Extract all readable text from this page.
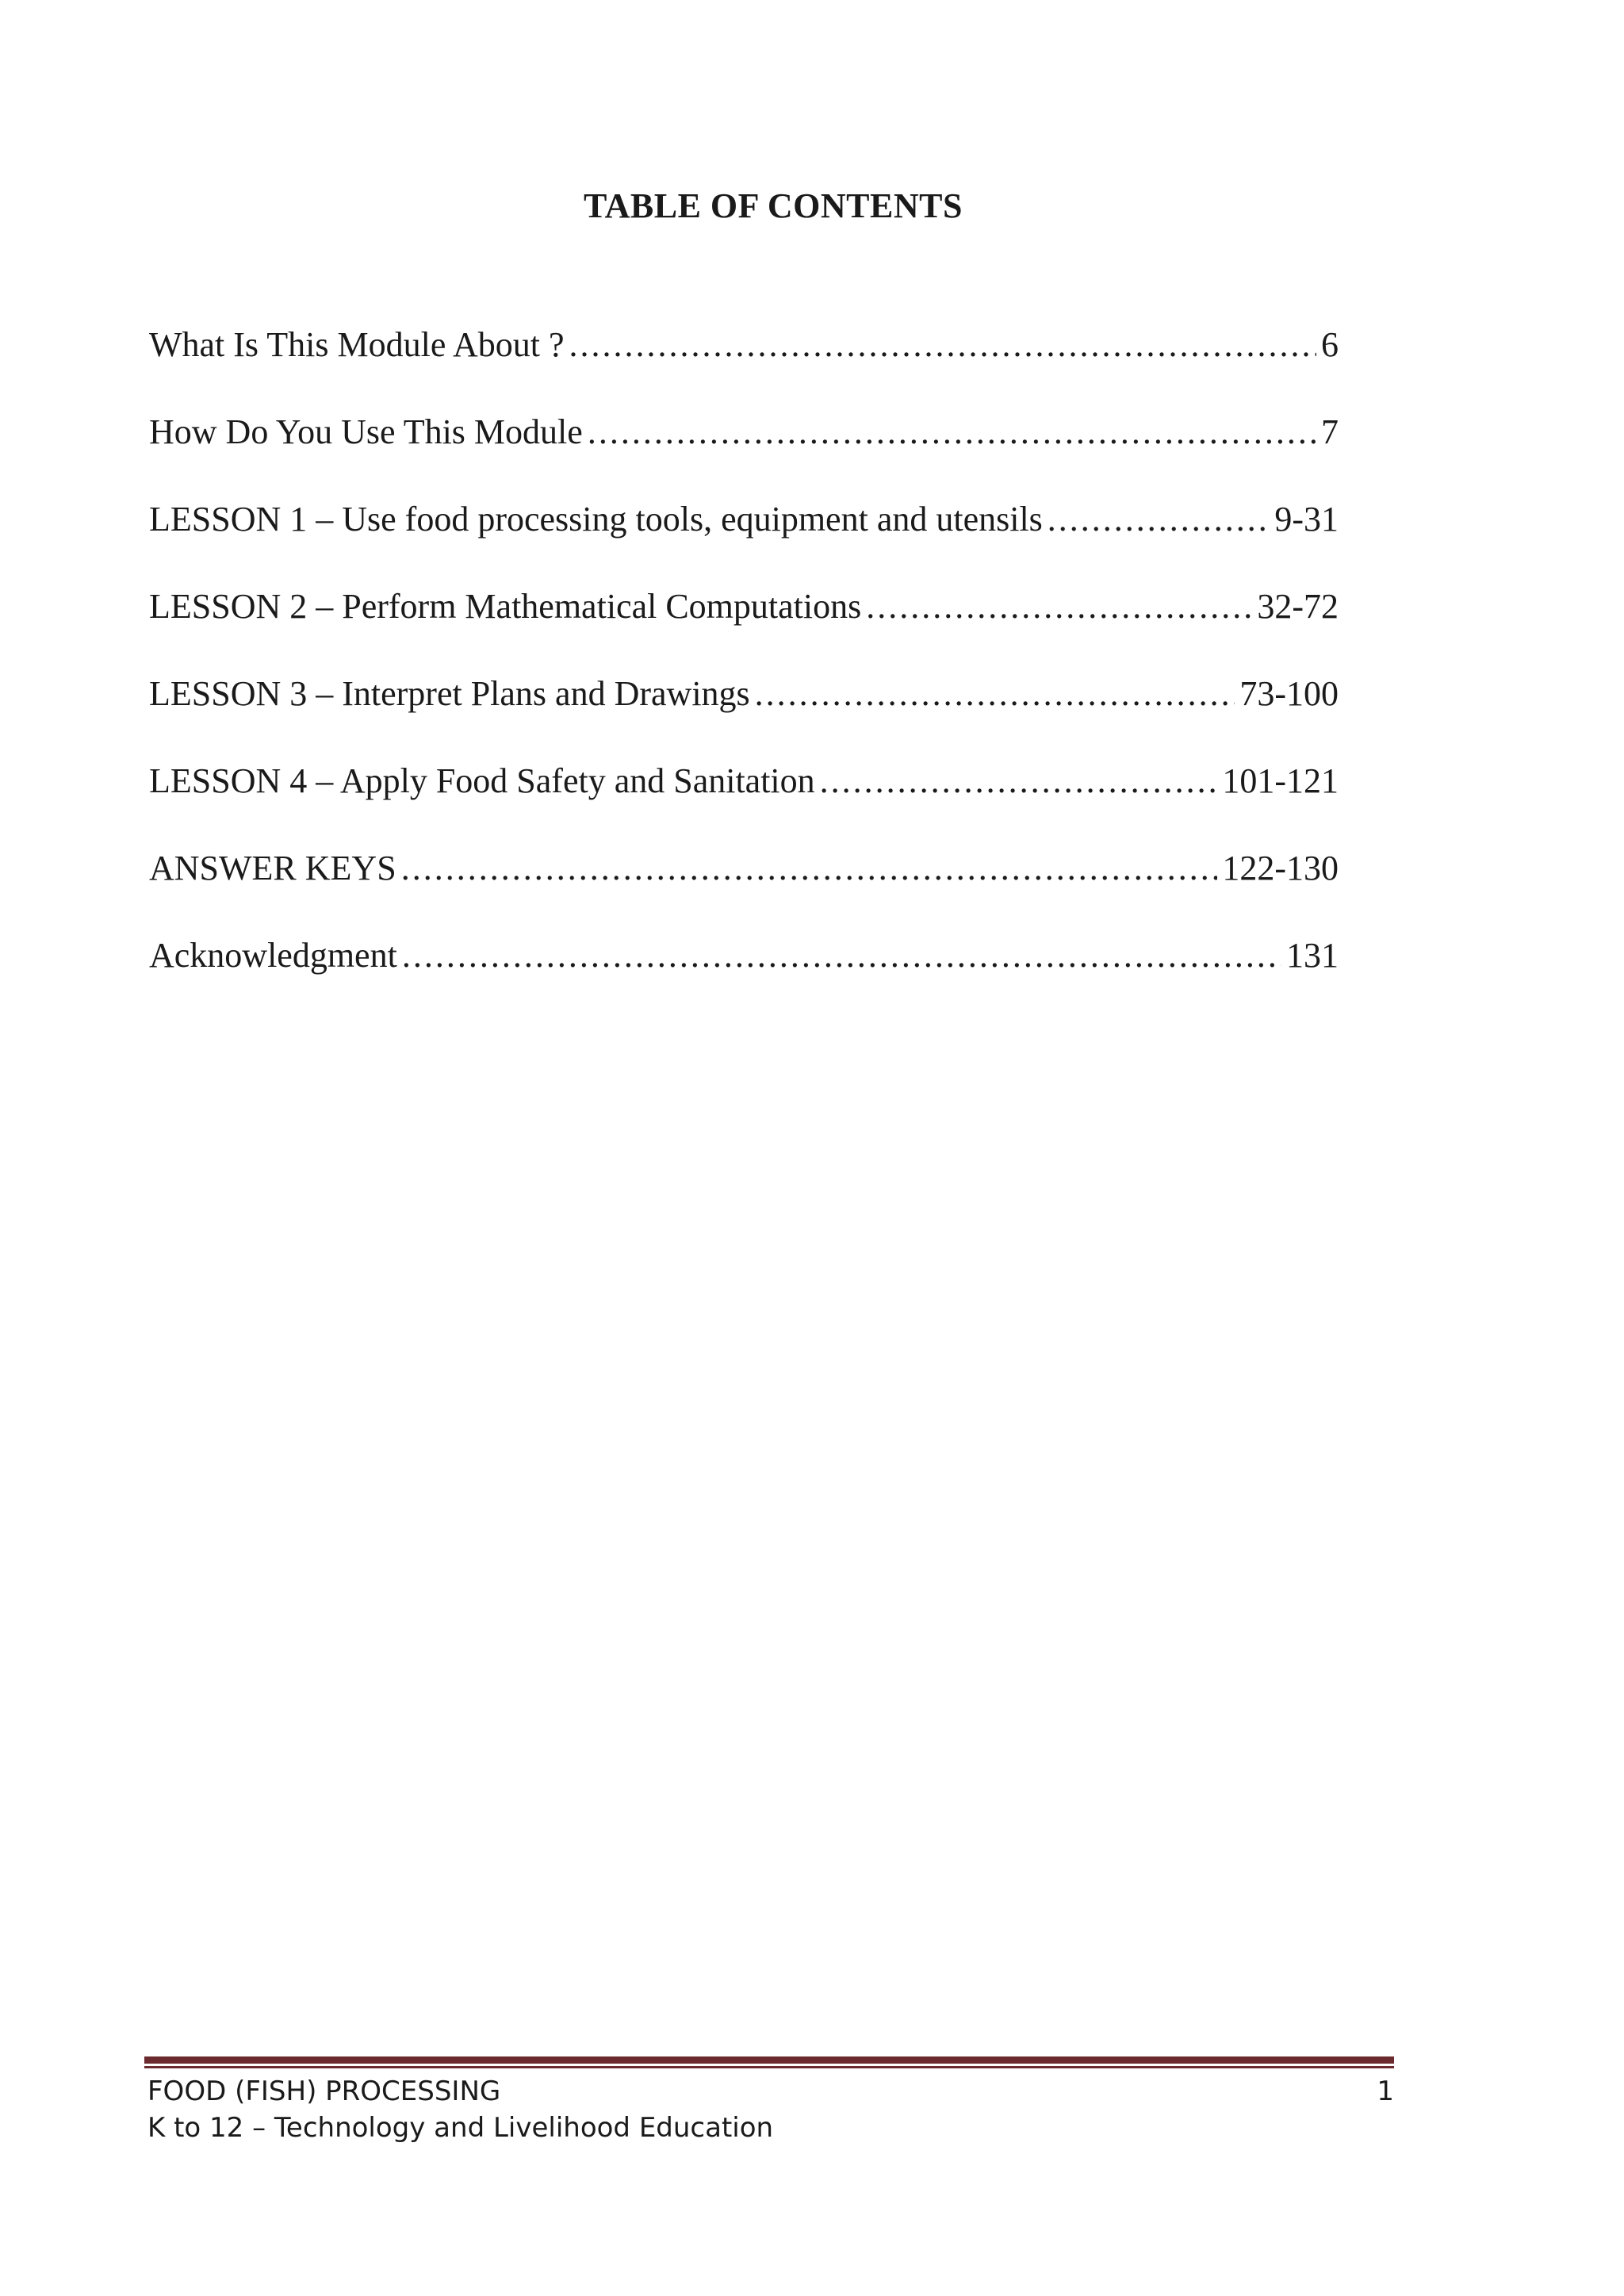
TABLE OF CONTENTS
What Is This Module About ? .....	6
How Do You Use This Module .....	7
LESSON 1 – Use food processing tools, equipment and utensils .....	9-31
LESSON 2 – Perform Mathematical Computations .....	32-72
LESSON 3 – Interpret Plans and Drawings .....	73-100
LESSON 4 – Apply Food Safety and Sanitation .....	101-121
ANSWER KEYS .....	122-130
Acknowledgment .....	131
FOOD (FISH) PROCESSING
K to 12 – Technology and Livelihood Education
1
